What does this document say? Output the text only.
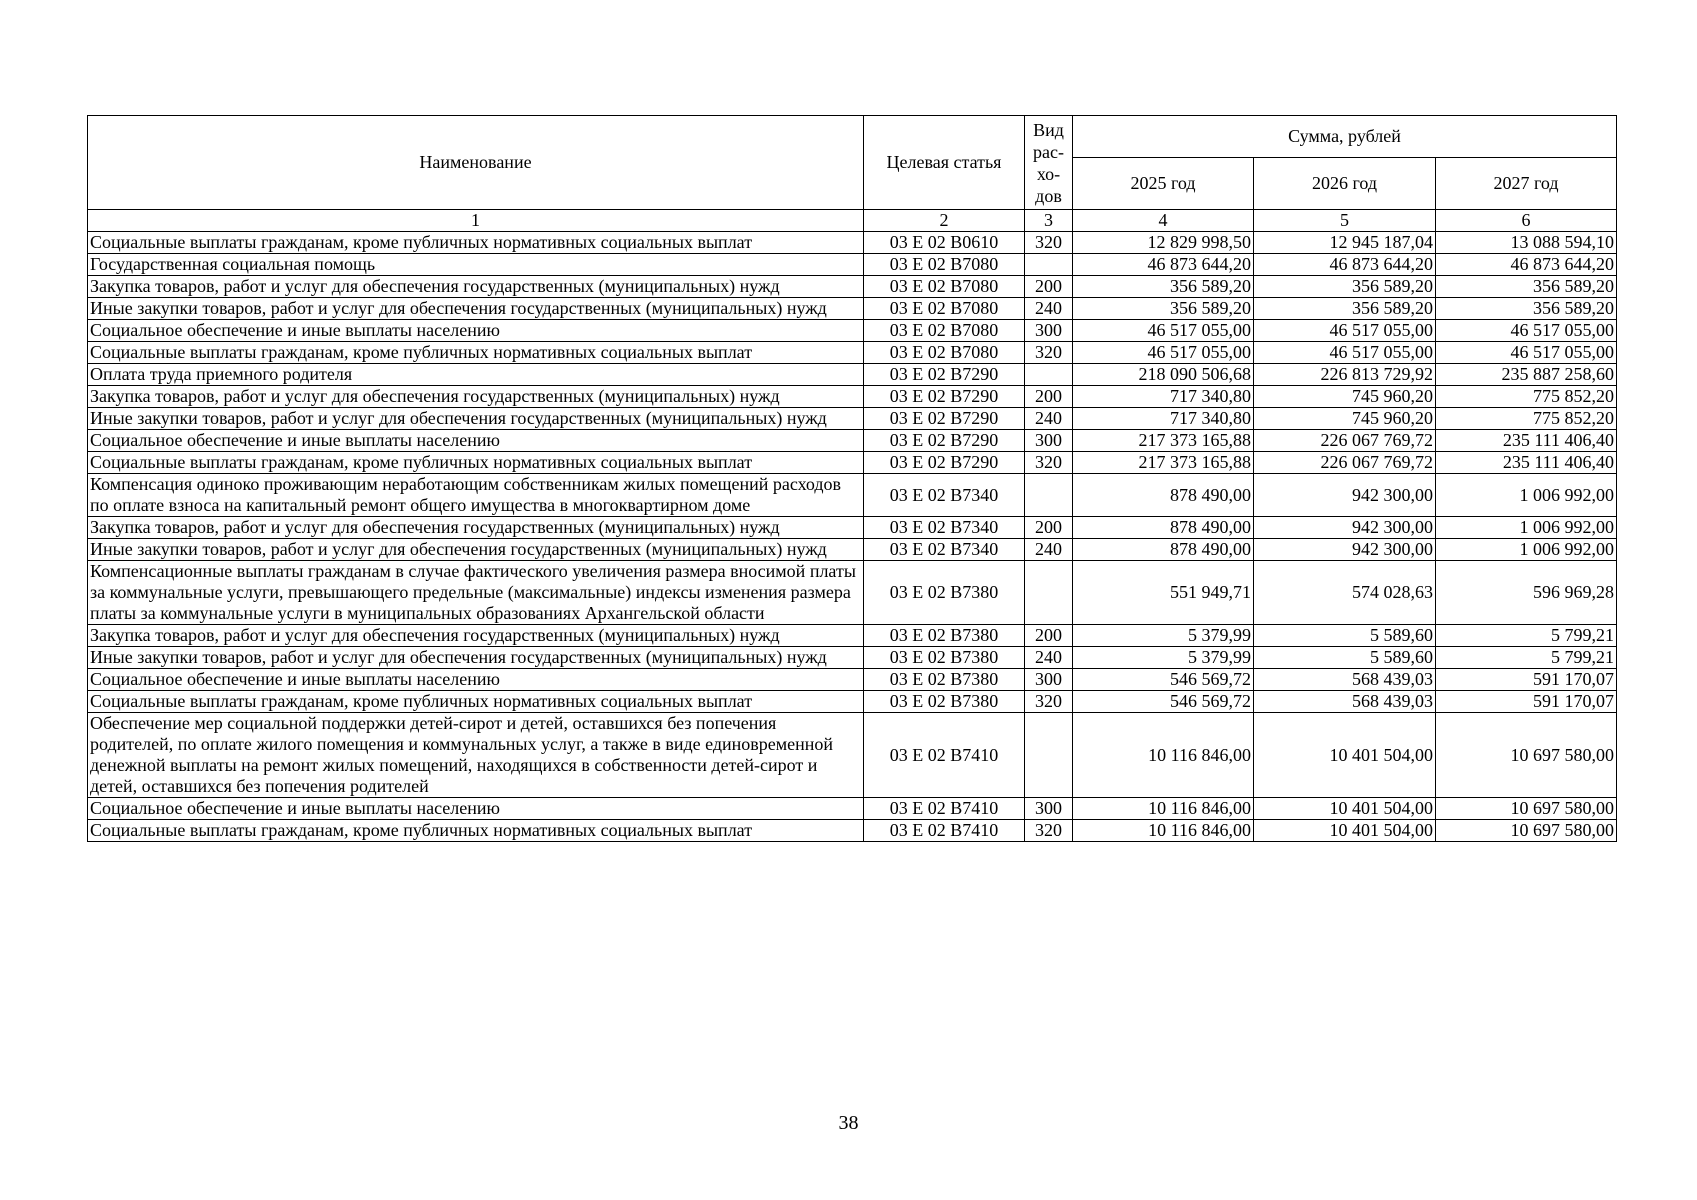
Наименование	Целевая статья	Вид рас-хо-дов	Сумма, рублей		
			2025 год	2026 год	2027 год
1	2	3	4	5	6
Социальные выплаты гражданам, кроме публичных нормативных социальных выплат	03 Е 02 В0610	320	12 829 998,50	12 945 187,04	13 088 594,10
Государственная социальная помощь	03 Е 02 В7080		46 873 644,20	46 873 644,20	46 873 644,20
Закупка товаров, работ и услуг для обеспечения государственных (муниципальных) нужд	03 Е 02 В7080	200	356 589,20	356 589,20	356 589,20
Иные закупки товаров, работ и услуг для обеспечения государственных (муниципальных) нужд	03 Е 02 В7080	240	356 589,20	356 589,20	356 589,20
Социальное обеспечение и иные выплаты населению	03 Е 02 В7080	300	46 517 055,00	46 517 055,00	46 517 055,00
Социальные выплаты гражданам, кроме публичных нормативных социальных выплат	03 Е 02 В7080	320	46 517 055,00	46 517 055,00	46 517 055,00
Оплата труда приемного родителя	03 Е 02 В7290		218 090 506,68	226 813 729,92	235 887 258,60
Закупка товаров, работ и услуг для обеспечения государственных (муниципальных) нужд	03 Е 02 В7290	200	717 340,80	745 960,20	775 852,20
Иные закупки товаров, работ и услуг для обеспечения государственных (муниципальных) нужд	03 Е 02 В7290	240	717 340,80	745 960,20	775 852,20
Социальное обеспечение и иные выплаты населению	03 Е 02 В7290	300	217 373 165,88	226 067 769,72	235 111 406,40
Социальные выплаты гражданам, кроме публичных нормативных социальных выплат	03 Е 02 В7290	320	217 373 165,88	226 067 769,72	235 111 406,40
Компенсация одиноко проживающим неработающим собственникам жилых помещений расходов по оплате взноса на капитальный ремонт общего имущества в многоквартирном доме	03 Е 02 В7340		878 490,00	942 300,00	1 006 992,00
Закупка товаров, работ и услуг для обеспечения государственных (муниципальных) нужд	03 Е 02 В7340	200	878 490,00	942 300,00	1 006 992,00
Иные закупки товаров, работ и услуг для обеспечения государственных (муниципальных) нужд	03 Е 02 В7340	240	878 490,00	942 300,00	1 006 992,00
Компенсационные выплаты гражданам в случае фактического увеличения размера вносимой платы за коммунальные услуги, превышающего предельные (максимальные) индексы изменения размера платы за коммунальные услуги в муниципальных образованиях Архангельской области	03 Е 02 В7380		551 949,71	574 028,63	596 969,28
Закупка товаров, работ и услуг для обеспечения государственных (муниципальных) нужд	03 Е 02 В7380	200	5 379,99	5 589,60	5 799,21
Иные закупки товаров, работ и услуг для обеспечения государственных (муниципальных) нужд	03 Е 02 В7380	240	5 379,99	5 589,60	5 799,21
Социальное обеспечение и иные выплаты населению	03 Е 02 В7380	300	546 569,72	568 439,03	591 170,07
Социальные выплаты гражданам, кроме публичных нормативных социальных выплат	03 Е 02 В7380	320	546 569,72	568 439,03	591 170,07
Обеспечение мер социальной поддержки детей-сирот и детей, оставшихся без попечения родителей, по оплате жилого помещения и коммунальных услуг, а также в виде единовременной денежной выплаты на ремонт жилых помещений, находящихся в собственности детей-сирот и детей, оставшихся без попечения родителей	03 Е 02 В7410		10 116 846,00	10 401 504,00	10 697 580,00
Социальное обеспечение и иные выплаты населению	03 Е 02 В7410	300	10 116 846,00	10 401 504,00	10 697 580,00
Социальные выплаты гражданам, кроме публичных нормативных социальных выплат	03 Е 02 В7410	320	10 116 846,00	10 401 504,00	10 697 580,00
38
